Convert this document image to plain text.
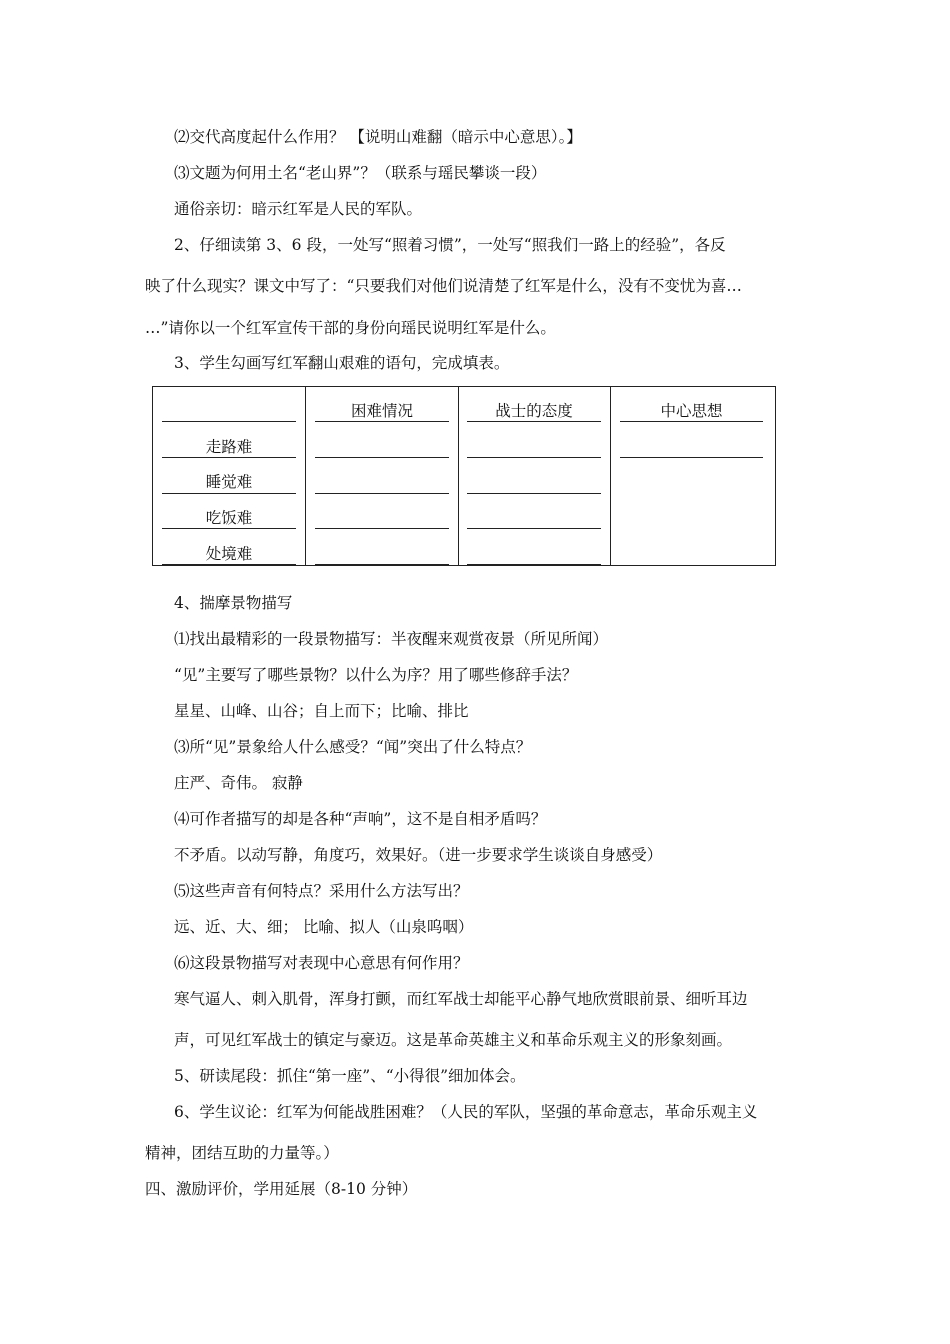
⑵交代高度起什么作用？ 【说明山难翻（暗示中心意思）。】
⑶文题为何用土名“老山界”？（联系与瑶民攀谈一段）
通俗亲切：暗示红军是人民的军队。
2、仔细读第 3、6 段，一处写“照着习惯”，一处写“照我们一路上的经验”，各反
映了什么现实？课文中写了：“只要我们对他们说清楚了红军是什么，没有不变忧为喜…
…”请你以一个红军宣传干部的身份向瑶民说明红军是什么。
3、学生勾画写红军翻山艰难的语句，完成填表。
困难情况	战士的态度	中心思想
走路难
睡觉难
吃饭难
处境难
4、揣摩景物描写
⑴找出最精彩的一段景物描写：半夜醒来观赏夜景（所见所闻）
“见”主要写了哪些景物？以什么为序？用了哪些修辞手法？
星星、山峰、山谷；自上而下；比喻、排比
⑶所“见”景象给人什么感受？“闻”突出了什么特点？
庄严、奇伟。 寂静
⑷可作者描写的却是各种“声响”，这不是自相矛盾吗？
不矛盾。以动写静，角度巧，效果好。（进一步要求学生谈谈自身感受）
⑸这些声音有何特点？采用什么方法写出？
远、近、大、细； 比喻、拟人（山泉呜咽）
⑹这段景物描写对表现中心意思有何作用？
寒气逼人、刺入肌骨，浑身打颤，而红军战士却能平心静气地欣赏眼前景、细听耳边
声，可见红军战士的镇定与豪迈。这是革命英雄主义和革命乐观主义的形象刻画。
5、研读尾段：抓住“第一座”、“小得很”细加体会。
6、学生议论：红军为何能战胜困难？（人民的军队，坚强的革命意志，革命乐观主义
精神，团结互助的力量等。）
四、激励评价，学用延展（8-10 分钟）
